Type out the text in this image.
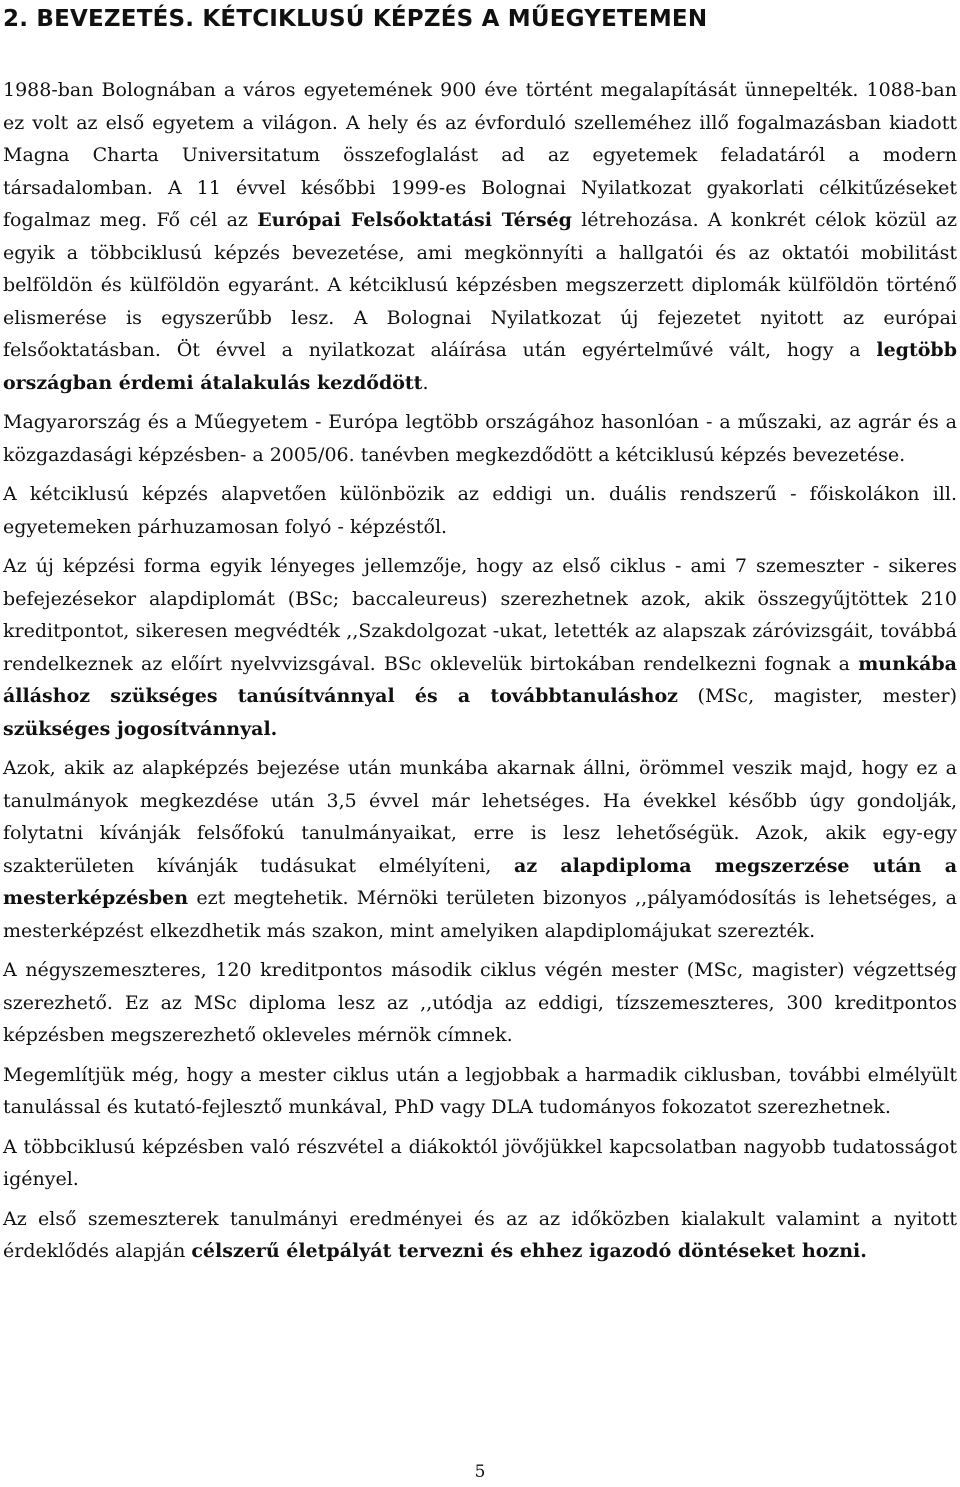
2. BEVEZETÉS. KÉTCIKLUSÚ KÉPZÉS A MŰEGYETEMEN

1988-ban Bolognában a város egyetemének 900 éve történt megalapítását ünnepelték. 1088-ban ez volt az első egyetem a világon. A hely és az évforduló szelleméhez illő fogalmazásban kiadott Magna Charta Universitatum összefoglalást ad az egyetemek feladatáról a modern társadalomban. A 11 évvel későbbi 1999-es Bolognai Nyilatkozat gyakorlati célkitűzéseket fogalmaz meg. Fő cél az Európai Felsőoktatási Térség létrehozása. A konkrét célok közül az egyik a többciklusú képzés bevezetése, ami megkönnyíti a hallgatói és az oktatói mobilitást belföldön és külföldön egyaránt. A kétciklusú képzésben megszerzett diplomák külföldön történő elismerése is egyszerűbb lesz. A Bolognai Nyilatkozat új fejezetet nyitott az európai felsőoktatásban. Öt évvel a nyilatkozat aláírása után egyértelművé vált, hogy a legtöbb országban érdemi átalakulás kezdődött.

Magyarország és a Műegyetem - Európa legtöbb országához hasonlóan - a műszaki, az agrár és a közgazdasági képzésben- a 2005/06. tanévben megkezdődött a kétciklusú képzés bevezetése.

A kétciklusú képzés alapvetően különbözik az eddigi un. duális rendszerű - főiskolákon ill. egyetemeken párhuzamosan folyó - képzéstől.

Az új képzési forma egyik lényeges jellemzője, hogy az első ciklus - ami 7 szemeszter - sikeres befejezésekor alapdiplomát (BSc; baccaleureus) szerezhetnek azok, akik összegyűjtöttek 210 kreditpontot, sikeresen megvédték ,,Szakdolgozat -ukat, letették az alapszak záróvizsgáit, továbbá rendelkeznek az előírt nyelvvizsgával. BSc oklevelük birtokában rendelkezni fognak a munkába álláshoz szükséges tanúsítvánnyal és a továbbtanuláshoz (MSc, magister, mester) szükséges jogosítvánnyal.

Azok, akik az alapképzés bejezése után munkába akarnak állni, örömmel veszik majd, hogy ez a tanulmányok megkezdése után 3,5 évvel már lehetséges. Ha évekkel később úgy gondolják, folytatni kívánják felsőfokú tanulmányaikat, erre is lesz lehetőségük. Azok, akik egy-egy szakterületen kívánják tudásukat elmélyíteni, az alapdiploma megszerzése után a mesterképzésben ezt megtehetik. Mérnöki területen bizonyos ,,pályamódosítás is lehetséges, a mesterképzést elkezdhetik más szakon, mint amelyiken alapdiplomájukat szerezték.

A négyszemeszteres, 120 kreditpontos második ciklus végén mester (MSc, magister) végzettség szerezhető. Ez az MSc diploma lesz az ,,utódja az eddigi, tízszemeszteres, 300 kreditpontos képzésben megszerezhető okleveles mérnök címnek.

Megemlítjük még, hogy a mester ciklus után a legjobbak a harmadik ciklusban, további elmélyült tanulással és kutató-fejlesztő munkával, PhD vagy DLA tudományos fokozatot szerezhetnek.

A többciklusú képzésben való részvétel a diákoktól jövőjükkel kapcsolatban nagyobb tudatosságot igényel.

Az első szemeszterek tanulmányi eredményei és az az időközben kialakult valamint a nyitott érdeklődés alapján célszerű életpályát tervezni és ehhez igazodó döntéseket hozni.

5
